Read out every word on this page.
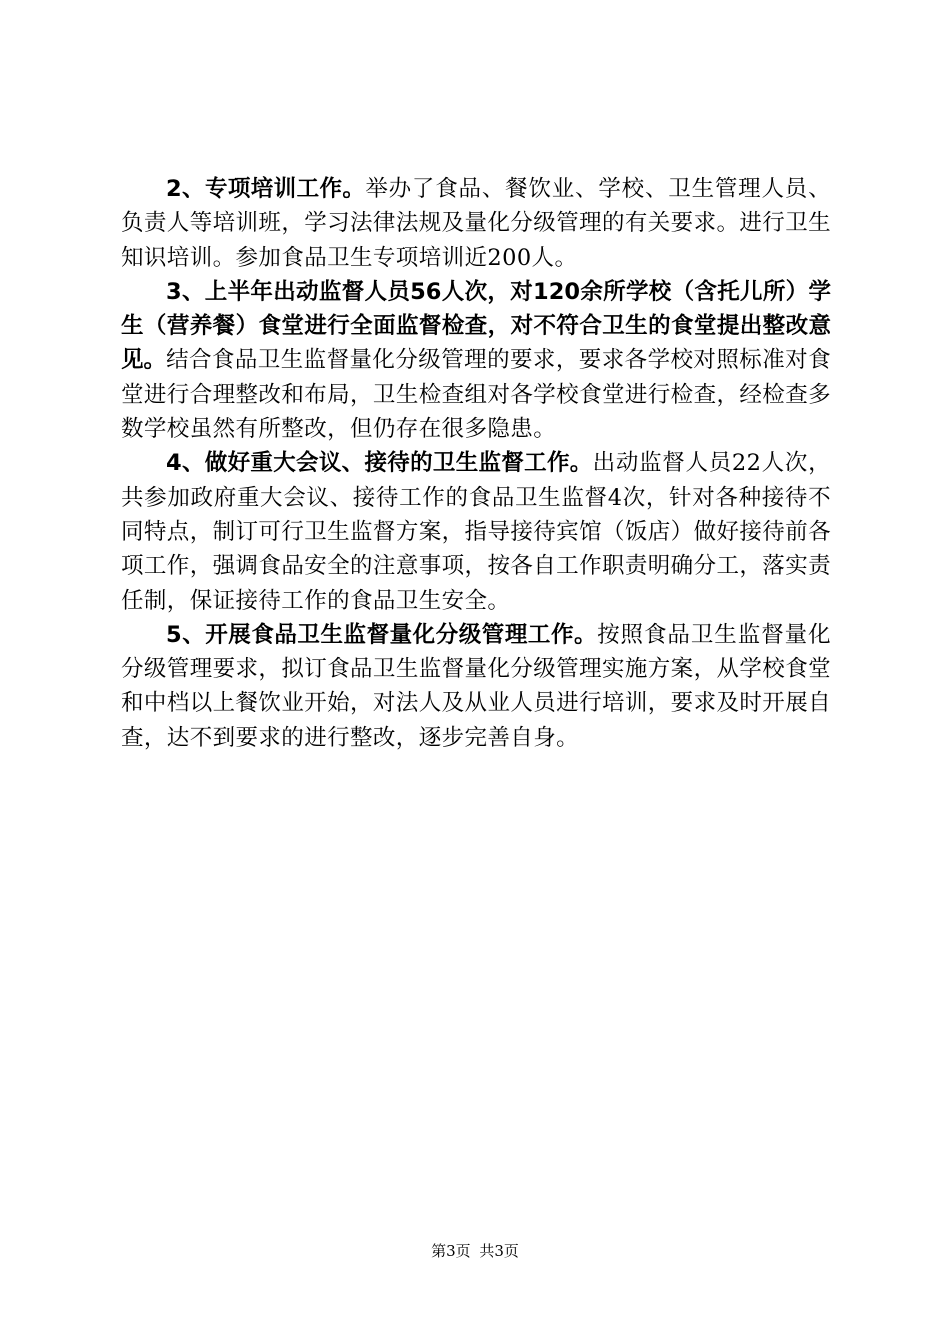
2、专项培训工作。举办了食品、餐饮业、学校、卫生管理人员、负责人等培训班，学习法律法规及量化分级管理的有关要求。进行卫生知识培训。参加食品卫生专项培训近200人。

3、上半年出动监督人员56人次，对120余所学校（含托儿所）学生（营养餐）食堂进行全面监督检查，对不符合卫生的食堂提出整改意见。结合食品卫生监督量化分级管理的要求，要求各学校对照标准对食堂进行合理整改和布局，卫生检查组对各学校食堂进行检查，经检查多数学校虽然有所整改，但仍存在很多隐患。

4、做好重大会议、接待的卫生监督工作。出动监督人员22人次，共参加政府重大会议、接待工作的食品卫生监督4次，针对各种接待不同特点，制订可行卫生监督方案，指导接待宾馆（饭店）做好接待前各项工作，强调食品安全的注意事项，按各自工作职责明确分工，落实责任制，保证接待工作的食品卫生安全。

5、开展食品卫生监督量化分级管理工作。按照食品卫生监督量化分级管理要求，拟订食品卫生监督量化分级管理实施方案，从学校食堂和中档以上餐饮业开始，对法人及从业人员进行培训，要求及时开展自查，达不到要求的进行整改，逐步完善自身。

第3页 共3页
